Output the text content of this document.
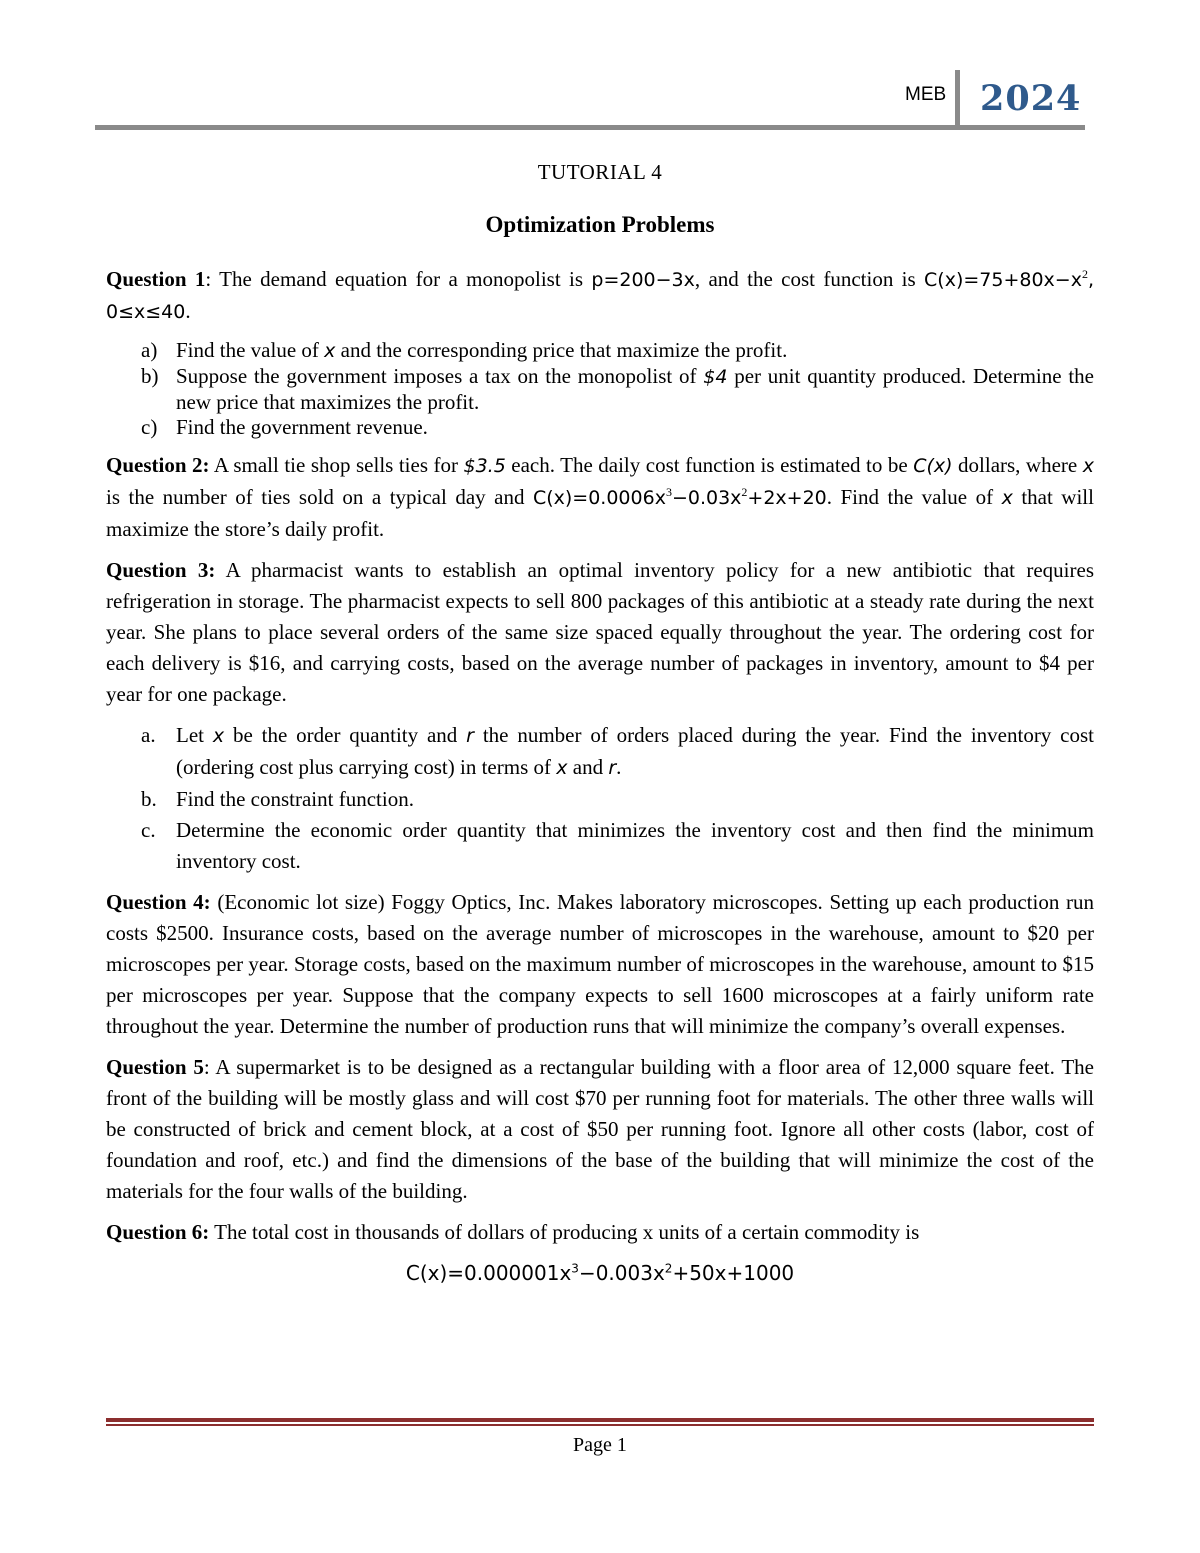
MEB 2024
TUTORIAL 4
Optimization Problems

Question 1: The demand equation for a monopolist is p=200−3x, and the cost function is $C(x)=75+80x-x^2$, 0≤x≤40.

a) Find the value of x and the corresponding price that maximize the profit.
b) Suppose the government imposes a tax on the monopolist of $4 per unit quantity produced. Determine the new price that maximizes the profit.
c) Find the government revenue.

Question 2: A small tie shop sells ties for $3.5 each. The daily cost function is estimated to be C(x) dollars, where x is the number of ties sold on a typical day and $C(x)=0.0006x^3-0.03x^2+2x+20$. Find the value of x that will maximize the store’s daily profit.

Question 3: A pharmacist wants to establish an optimal inventory policy for a new antibiotic that requires refrigeration in storage. The pharmacist expects to sell 800 packages of this antibiotic at a steady rate during the next year. She plans to place several orders of the same size spaced equally throughout the year. The ordering cost for each delivery is $16, and carrying costs, based on the average number of packages in inventory, amount to $4 per year for one package.

a. Let x be the order quantity and r the number of orders placed during the year. Find the inventory cost (ordering cost plus carrying cost) in terms of x and r.
b. Find the constraint function.
c. Determine the economic order quantity that minimizes the inventory cost and then find the minimum inventory cost.

Question 4: (Economic lot size) Foggy Optics, Inc. Makes laboratory microscopes. Setting up each production run costs $2500. Insurance costs, based on the average number of microscopes in the warehouse, amount to $20 per microscopes per year. Storage costs, based on the maximum number of microscopes in the warehouse, amount to $15 per microscopes per year. Suppose that the company expects to sell 1600 microscopes at a fairly uniform rate throughout the year. Determine the number of production runs that will minimize the company’s overall expenses.

Question 5: A supermarket is to be designed as a rectangular building with a floor area of 12,000 square feet. The front of the building will be mostly glass and will cost $70 per running foot for materials. The other three walls will be constructed of brick and cement block, at a cost of $50 per running foot. Ignore all other costs (labor, cost of foundation and roof, etc.) and find the dimensions of the base of the building that will minimize the cost of the materials for the four walls of the building.

Question 6: The total cost in thousands of dollars of producing x units of a certain commodity is

$C(x)=0.000001x^3-0.003x^2+50x+1000$
Page 1
